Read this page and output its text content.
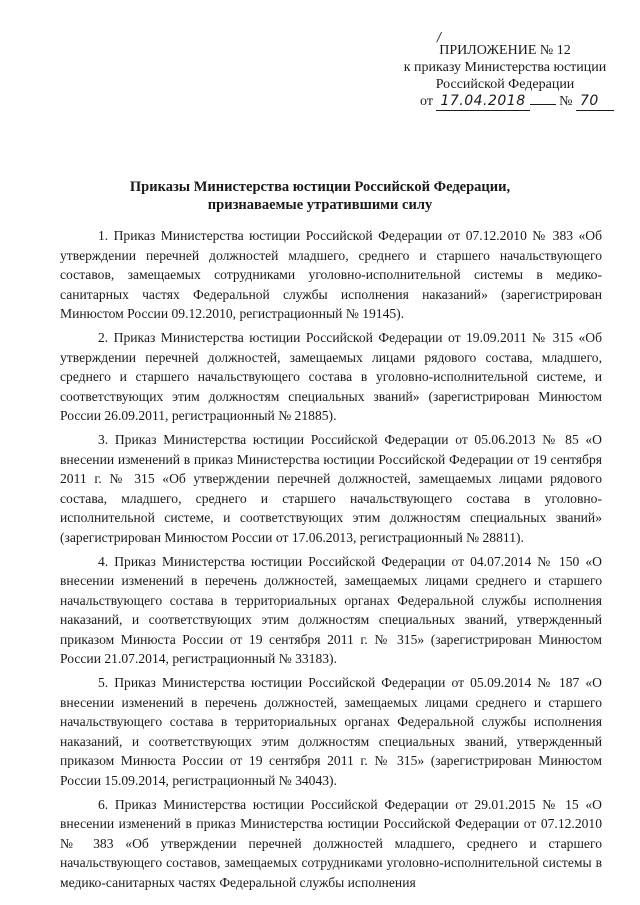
/
ПРИЛОЖЕНИЕ № 12
к приказу Министерства юстиции
Российской Федерации
от 17.04.2018 № 70
Приказы Министерства юстиции Российской Федерации,
признаваемые утратившими силу

1. Приказ Министерства юстиции Российской Федерации от 07.12.2010 № 383 «Об утверждении перечней должностей младшего, среднего и старшего начальствующего составов, замещаемых сотрудниками уголовно-исполнительной системы в медико-санитарных частях Федеральной службы исполнения наказаний» (зарегистрирован Минюстом России 09.12.2010, регистрационный № 19145).

2. Приказ Министерства юстиции Российской Федерации от 19.09.2011 № 315 «Об утверждении перечней должностей, замещаемых лицами рядового состава, младшего, среднего и старшего начальствующего состава в уголовно-исполнительной системе, и соответствующих этим должностям специальных званий» (зарегистрирован Минюстом России 26.09.2011, регистрационный № 21885).

3. Приказ Министерства юстиции Российской Федерации от 05.06.2013 № 85 «О внесении изменений в приказ Министерства юстиции Российской Федерации от 19 сентября 2011 г. № 315 «Об утверждении перечней должностей, замещаемых лицами рядового состава, младшего, среднего и старшего начальствующего состава в уголовно-исполнительной системе, и соответствующих этим должностям специальных званий» (зарегистрирован Минюстом России от 17.06.2013, регистрационный № 28811).

4. Приказ Министерства юстиции Российской Федерации от 04.07.2014 № 150 «О внесении изменений в перечень должностей, замещаемых лицами среднего и старшего начальствующего состава в территориальных органах Федеральной службы исполнения наказаний, и соответствующих этим должностям специальных званий, утвержденный приказом Минюста России от 19 сентября 2011 г. № 315» (зарегистрирован Минюстом России 21.07.2014, регистрационный № 33183).

5. Приказ Министерства юстиции Российской Федерации от 05.09.2014 № 187 «О внесении изменений в перечень должностей, замещаемых лицами среднего и старшего начальствующего состава в территориальных органах Федеральной службы исполнения наказаний, и соответствующих этим должностям специальных званий, утвержденный приказом Минюста России от 19 сентября 2011 г. № 315» (зарегистрирован Минюстом России 15.09.2014, регистрационный № 34043).

6. Приказ Министерства юстиции Российской Федерации от 29.01.2015 № 15 «О внесении изменений в приказ Министерства юстиции Российской Федерации от 07.12.2010 № 383 «Об утверждении перечней должностей младшего, среднего и старшего начальствующего составов, замещаемых сотрудниками уголовно-исполнительной системы в медико-санитарных частях Федеральной службы исполнения
